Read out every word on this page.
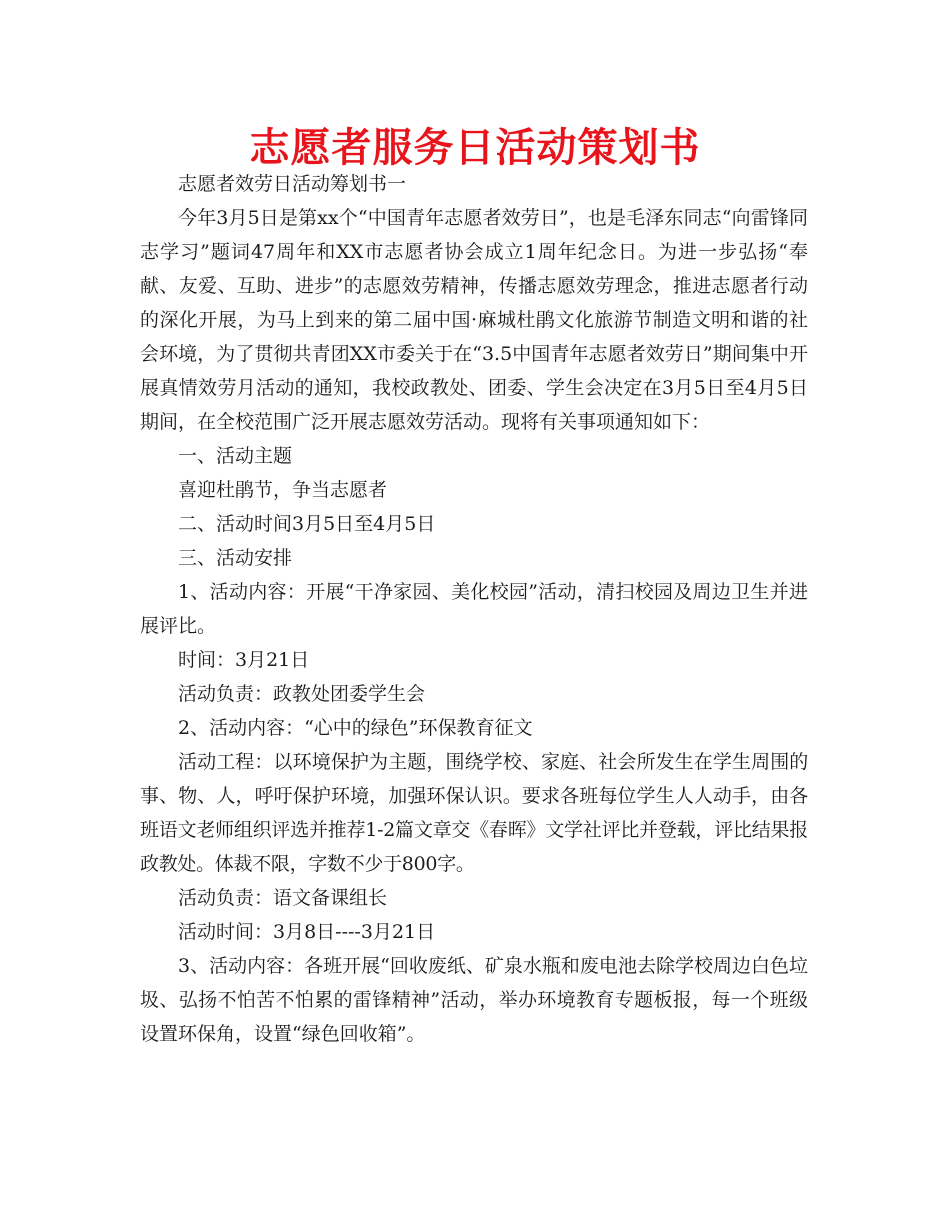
志愿者服务日活动策划书

志愿者效劳日活动筹划书一

今年3月5日是第xx个“中国青年志愿者效劳日”，也是毛泽东同志“向雷锋同志学习”题词47周年和XX市志愿者协会成立1周年纪念日。为进一步弘扬“奉献、友爱、互助、进步”的志愿效劳精神，传播志愿效劳理念，推进志愿者行动的深化开展，为马上到来的第二届中国·麻城杜鹃文化旅游节制造文明和谐的社会环境，为了贯彻共青团XX市委关于在“3.5中国青年志愿者效劳日”期间集中开展真情效劳月活动的通知，我校政教处、团委、学生会决定在3月5日至4月5日期间，在全校范围广泛开展志愿效劳活动。现将有关事项通知如下：

一、活动主题

喜迎杜鹃节，争当志愿者

二、活动时间3月5日至4月5日

三、活动安排

1、活动内容：开展“干净家园、美化校园”活动，清扫校园及周边卫生并进展评比。

时间：3月21日

活动负责：政教处团委学生会

2、活动内容：“心中的绿色”环保教育征文

活动工程：以环境保护为主题，围绕学校、家庭、社会所发生在学生周围的事、物、人，呼吁保护环境，加强环保认识。要求各班每位学生人人动手，由各班语文老师组织评选并推荐1-2篇文章交《春晖》文学社评比并登载，评比结果报政教处。体裁不限，字数不少于800字。

活动负责：语文备课组长

活动时间：3月8日----3月21日

3、活动内容：各班开展“回收废纸、矿泉水瓶和废电池去除学校周边白色垃圾、弘扬不怕苦不怕累的雷锋精神”活动，举办环境教育专题板报，每一个班级设置环保角，设置“绿色回收箱”。
